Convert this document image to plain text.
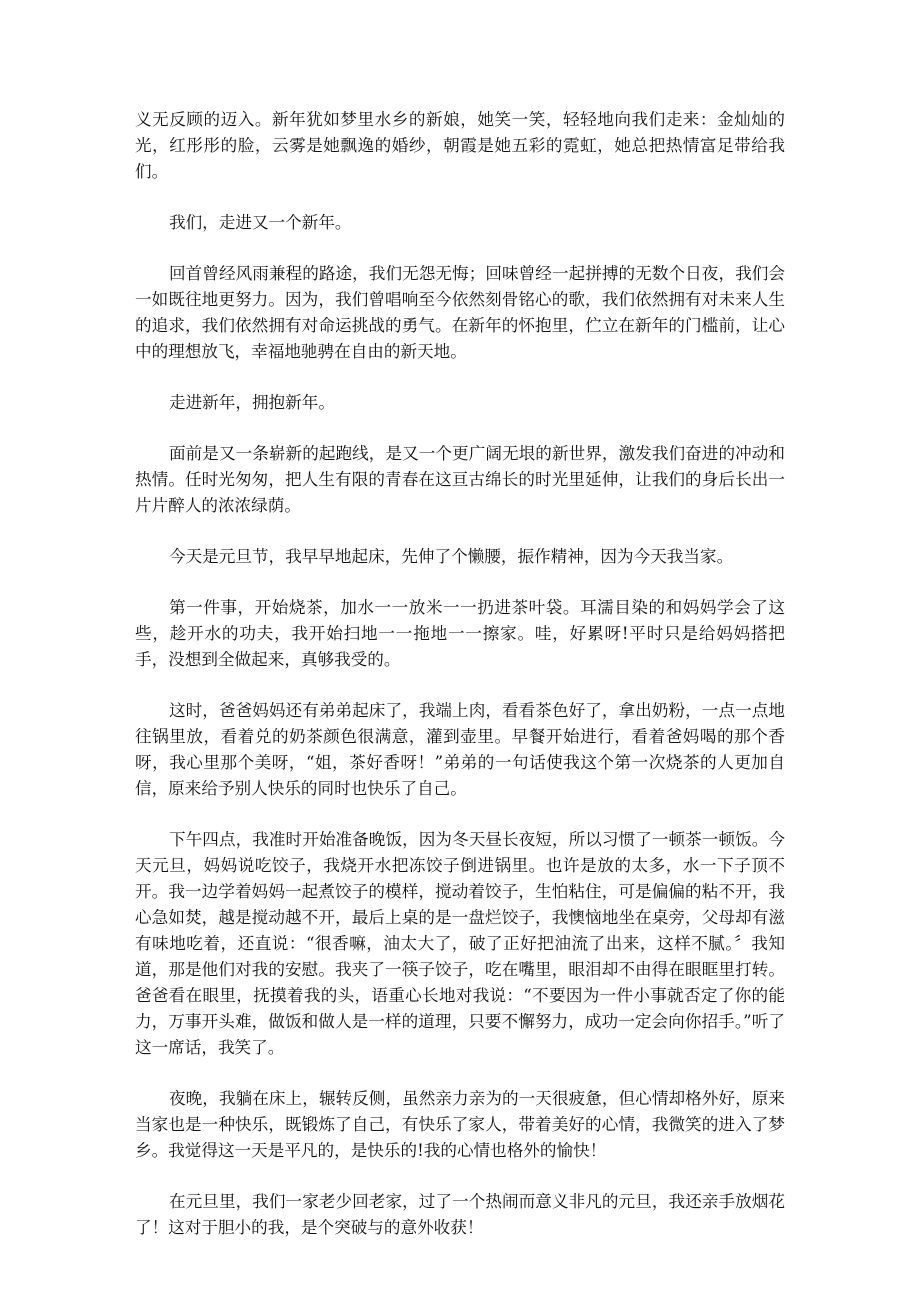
义无反顾的迈入。新年犹如梦里水乡的新娘，她笑一笑，轻轻地向我们走来：金灿灿的光，红彤彤的脸，云雾是她飘逸的婚纱，朝霞是她五彩的霓虹，她总把热情富足带给我们。

我们，走进又一个新年。

回首曾经风雨兼程的路途，我们无怨无悔；回味曾经一起拼搏的无数个日夜，我们会一如既往地更努力。因为，我们曾唱响至今依然刻骨铭心的歌，我们依然拥有对未来人生的追求，我们依然拥有对命运挑战的勇气。在新年的怀抱里，伫立在新年的门槛前，让心中的理想放飞，幸福地驰骋在自由的新天地。

走进新年，拥抱新年。

面前是又一条崭新的起跑线，是又一个更广阔无垠的新世界，激发我们奋进的冲动和热情。任时光匆匆，把人生有限的青春在这亘古绵长的时光里延伸，让我们的身后长出一片片醉人的浓浓绿荫。

今天是元旦节，我早早地起床，先伸了个懒腰，振作精神，因为今天我当家。

第一件事，开始烧茶，加水一一放米一一扔进茶叶袋。耳濡目染的和妈妈学会了这些，趁开水的功夫，我开始扫地一一拖地一一擦家。哇，好累呀!平时只是给妈妈搭把手，没想到全做起来，真够我受的。

这时，爸爸妈妈还有弟弟起床了，我端上肉，看看茶色好了，拿出奶粉，一点一点地往锅里放，看着兑的奶茶颜色很满意，灌到壶里。早餐开始进行，看着爸妈喝的那个香呀，我心里那个美呀，“姐，茶好香呀！”弟弟的一句话使我这个第一次烧茶的人更加自信，原来给予别人快乐的同时也快乐了自己。

下午四点，我准时开始准备晚饭，因为冬天昼长夜短，所以习惯了一顿茶一顿饭。今天元旦，妈妈说吃饺子，我烧开水把冻饺子倒进锅里。也许是放的太多，水一下子顶不开。我一边学着妈妈一起煮饺子的模样，搅动着饺子，生怕粘住，可是偏偏的粘不开，我心急如焚，越是搅动越不开，最后上桌的是一盘烂饺子，我懊恼地坐在桌旁，父母却有滋有味地吃着，还直说：“很香嘛，油太大了，破了正好把油流了出来，这样不腻。〞我知道，那是他们对我的安慰。我夹了一筷子饺子，吃在嘴里，眼泪却不由得在眼眶里打转。爸爸看在眼里，抚摸着我的头，语重心长地对我说：“不要因为一件小事就否定了你的能力，万事开头难，做饭和做人是一样的道理，只要不懈努力，成功一定会向你招手。”听了这一席话，我笑了。

夜晚，我躺在床上，辗转反侧，虽然亲力亲为的一天很疲惫，但心情却格外好，原来当家也是一种快乐，既锻炼了自己，有快乐了家人，带着美好的心情，我微笑的进入了梦乡。我觉得这一天是平凡的，是快乐的!我的心情也格外的愉快！

在元旦里，我们一家老少回老家，过了一个热闹而意义非凡的元旦，我还亲手放烟花了！这对于胆小的我，是个突破与的意外收获！
